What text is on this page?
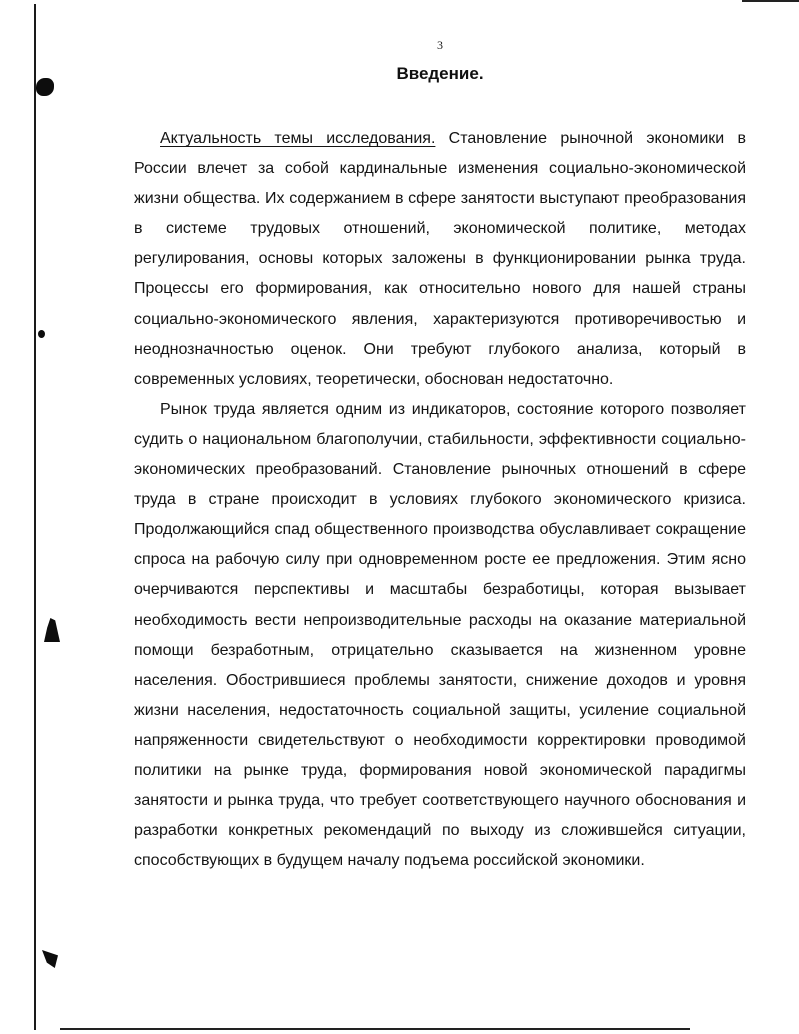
3
Введение.

Актуальность темы исследования. Становление рыночной экономики в России влечет за собой кардинальные изменения социально-экономической жизни общества. Их содержанием в сфере занятости выступают преобразования в системе трудовых отношений, экономической политике, методах регулирования, основы которых заложены в функционировании рынка труда. Процессы его формирования, как относительно нового для нашей страны социально-экономического явления, характеризуются противоречивостью и неоднозначностью оценок. Они требуют глубокого анализа, который в современных условиях, теоретически, обоснован недостаточно.

Рынок труда является одним из индикаторов, состояние которого позволяет судить о национальном благополучии, стабильности, эффективности социально-экономических преобразований. Становление рыночных отношений в сфере труда в стране происходит в условиях глубокого экономического кризиса. Продолжающийся спад общественного производства обуславливает сокращение спроса на рабочую силу при одновременном росте ее предложения. Этим ясно очерчиваются перспективы и масштабы безработицы, которая вызывает необходимость вести непроизводительные расходы на оказание материальной помощи безработным, отрицательно сказывается на жизненном уровне населения. Обострившиеся проблемы занятости, снижение доходов и уровня жизни населения, недостаточность социальной защиты, усиление социальной напряженности свидетельствуют о необходимости корректировки проводимой политики на рынке труда, формирования новой экономической парадигмы занятости и рынка труда, что требует соответствующего научного обоснования и разработки конкретных рекомендаций по выходу из сложившейся ситуации, способствующих в будущем началу подъема российской экономики.
